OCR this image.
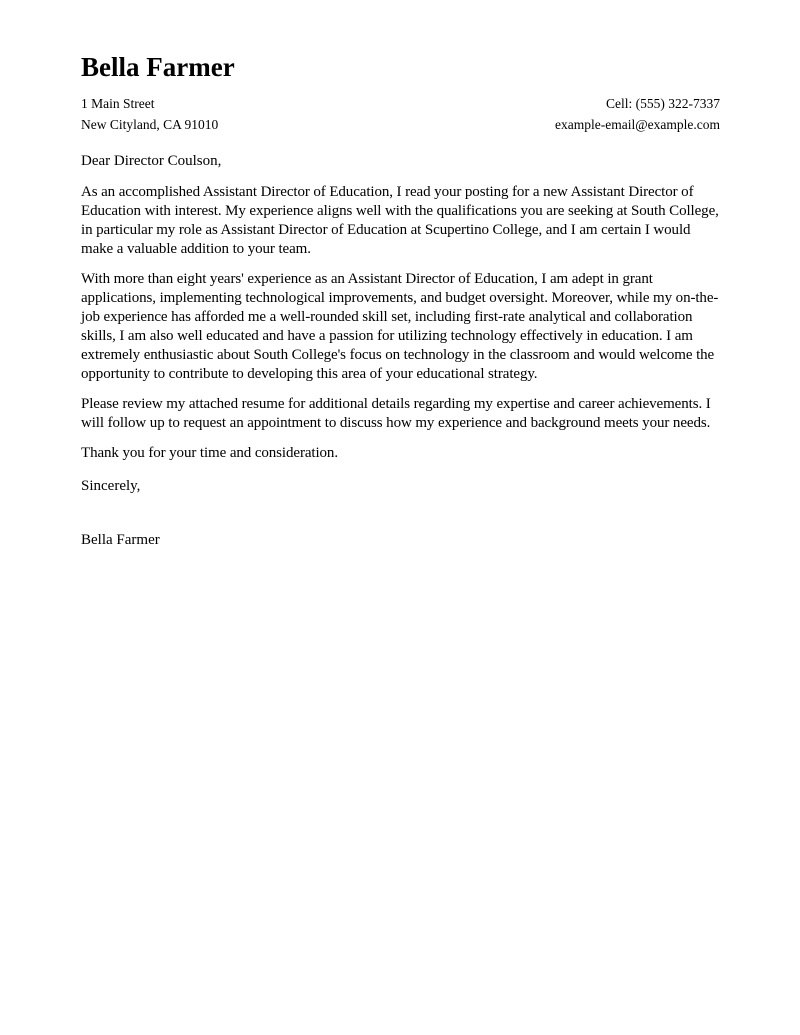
Bella Farmer
1 Main Street	Cell: (555) 322-7337
New Cityland, CA 91010	example-email@example.com

Dear Director Coulson,

As an accomplished Assistant Director of Education, I read your posting for a new Assistant Director of Education with interest. My experience aligns well with the qualifications you are seeking at South College, in particular my role as Assistant Director of Education at Scupertino College, and I am certain I would make a valuable addition to your team.

With more than eight years' experience as an Assistant Director of Education, I am adept in grant applications, implementing technological improvements, and budget oversight. Moreover, while my on-the-job experience has afforded me a well-rounded skill set, including first-rate analytical and collaboration skills, I am also well educated and have a passion for utilizing technology effectively in education. I am extremely enthusiastic about South College's focus on technology in the classroom and would welcome the opportunity to contribute to developing this area of your educational strategy.

Please review my attached resume for additional details regarding my expertise and career achievements. I will follow up to request an appointment to discuss how my experience and background meets your needs.

Thank you for your time and consideration.

Sincerely,

Bella Farmer
